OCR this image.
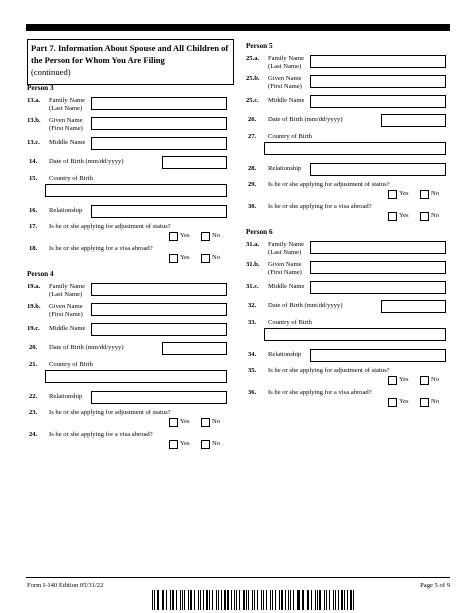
Part 7. Information About Spouse and All Children of the Person for Whom You Are Filing
(continued)
Person 3
13.a. Family Name
(Last Name)
13.b. Given Name
(First Name)
13.c. Middle Name
14. Date of Birth (mm/dd/yyyy)
15. Country of Birth
16. Relationship
17. Is he or she applying for adjustment of status?
Yes	No
18. Is he or she applying for a visa abroad?
Yes	No
Person 4
19.a. Family Name
(Last Name)
19.b. Given Name
(First Name)
19.c. Middle Name
20. Date of Birth (mm/dd/yyyy)
21. Country of Birth
22. Relationship
23. Is he or she applying for adjustment of status?
Yes	No
24. Is he or she applying for a visa abroad?
Yes	No
Person 5
25.a. Family Name
(Last Name)
25.b. Given Name
(First Name)
25.c. Middle Name
26. Date of Birth (mm/dd/yyyy)
27. Country of Birth
28. Relationship
29. Is he or she applying for adjustment of status?
Yes	No
30. Is he or she applying for a visa abroad?
Yes	No
Person 6
31.a. Family Name
(Last Name)
31.b. Given Name
(First Name)
31.c. Middle Name
32. Date of Birth (mm/dd/yyyy)
33. Country of Birth
34. Relationship
35. Is he or she applying for adjustment of status?
Yes	No
36. Is he or she applying for a visa abroad?
Yes	No
Form I-140 Edition 05/31/22	Page 5 of 9
